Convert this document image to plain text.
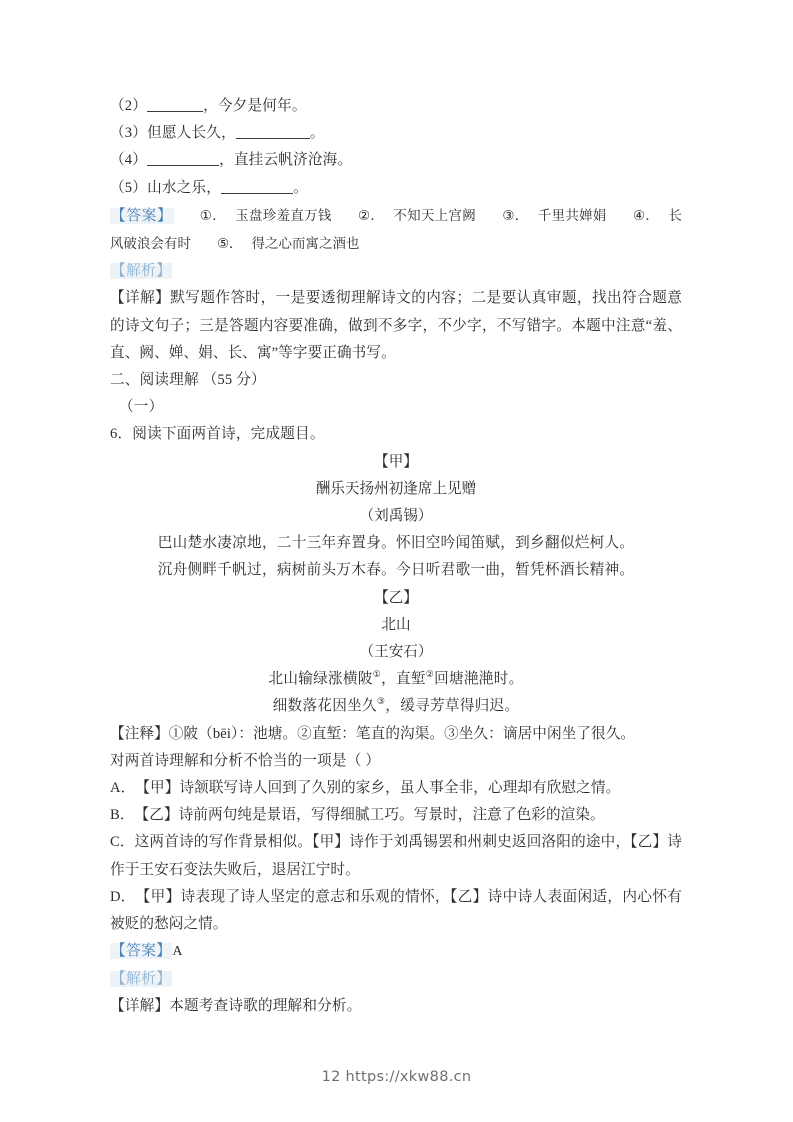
（2）	，今夕是何年。
（3）但愿人长久，	。
（4）	，直挂云帆济沧海。
（5）山水之乐，	。
【答案】 ①． 玉盘珍羞直万钱 ②． 不知天上宫阙 ③． 千里共婵娟 ④． 长风破浪会有时 ⑤． 得之心而寓之酒也
【解析】
【详解】默写题作答时，一是要透彻理解诗文的内容；二是要认真审题，找出符合题意的诗文句子；三是答题内容要准确，做到不多字，不少字，不写错字。本题中注意“羞、直、阙、婵、娟、长、寓”等字要正确书写。
二、阅读理解 （55 分）
（一）
6．阅读下面两首诗，完成题目。
【甲】
酬乐天扬州初逢席上见赠
（刘禹锡）
巴山楚水凄凉地，二十三年弃置身。怀旧空吟闻笛赋，到乡翻似烂柯人。
沉舟侧畔千帆过，病树前头万木春。今日听君歌一曲，暂凭杯酒长精神。
【乙】
北山
（王安石）
北山输绿涨横陂①，直堑②回塘滟滟时。
细数落花因坐久③，缓寻芳草得归迟。
【注释】①陂（bēi）：池塘。②直堑：笔直的沟渠。③坐久：谪居中闲坐了很久。
对两首诗理解和分析不恰当的一项是（ ）
A．【甲】诗颔联写诗人回到了久别的家乡，虽人事全非，心理却有欣慰之情。
B．【乙】诗前两句纯是景语，写得细腻工巧。写景时，注意了色彩的渲染。
C．这两首诗的写作背景相似。【甲】诗作于刘禹锡罢和州刺史返回洛阳的途中，【乙】诗作于王安石变法失败后，退居江宁时。
D．【甲】诗表现了诗人坚定的意志和乐观的情怀，【乙】诗中诗人表面闲适，内心怀有被贬的愁闷之情。
【答案】A
【解析】
【详解】本题考查诗歌的理解和分析。
12 https://xkw88.cn
